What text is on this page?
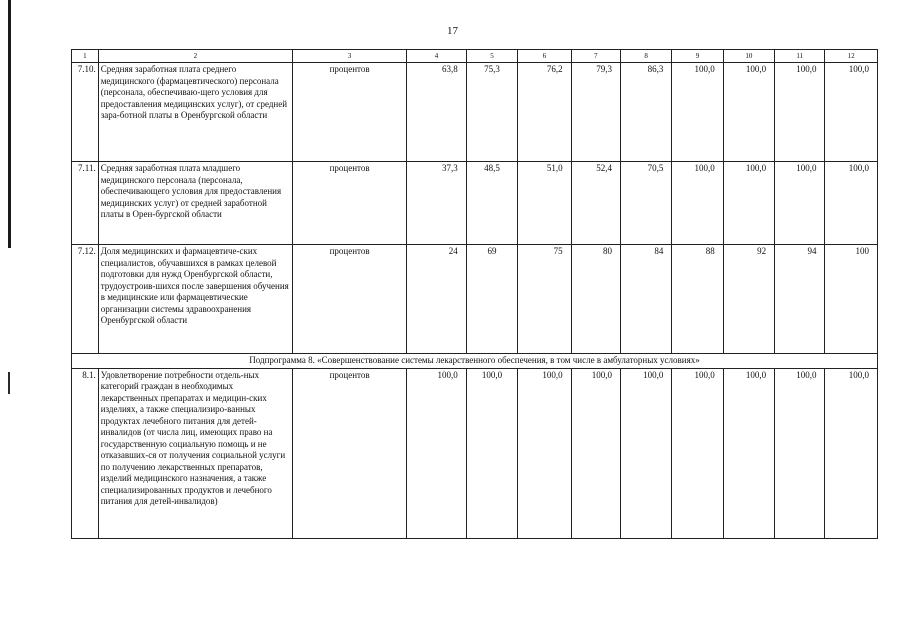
17
1	2	3	4	5	6	7	8	9	10	11	12
7.10.	Средняя заработная плата среднего медицинского (фармацевтического) персонала (персонала, обеспечиваю-щего условия для предоставления медицинских услуг), от средней зара-ботной платы в Оренбургской области	процентов	63,8	75,3	76,2	79,3	86,3	100,0	100,0	100,0	100,0
7.11.	Средняя заработная плата младшего медицинского персонала (персонала, обеспечивающего условия для предоставления медицинских услуг) от средней заработной платы в Орен-бургской области	процентов	37,3	48,5	51,0	52,4	70,5	100,0	100,0	100,0	100,0
7.12.	Доля медицинских и фармацевтиче-ских специалистов, обучавшихся в рамках целевой подготовки для нужд Оренбургской области, трудоустроив-шихся после завершения обучения в медицинские или фармацевтические организации системы здравоохранения Оренбургской области	процентов	24	69	75	80	84	88	92	94	100
Подпрограмма 8. «Совершенствование системы лекарственного обеспечения, в том числе в амбулаторных условиях»											
8.1.	Удовлетворение потребности отдель-ных категорий граждан в необходимых лекарственных препаратах и медицин-ских изделиях, а также специализиро-ванных продуктах лечебного питания для детей-инвалидов (от числа лиц, имеющих право на государственную социальную помощь и не отказавших-ся от получения социальной услуги по получению лекарственных препаратов, изделий медицинского назначения, а также специализированных продуктов и лечебного питания для детей-инвалидов)	процентов	100,0	100,0	100,0	100,0	100,0	100,0	100,0	100,0	100,0
